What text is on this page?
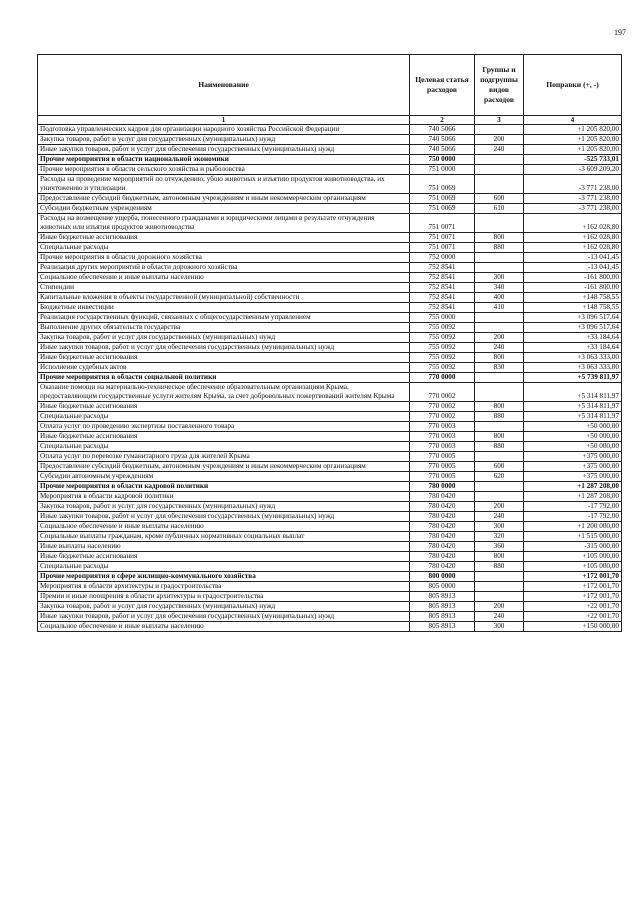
197
Наименование	Целевая статья расходов	Группы и подгруппы видов расходов	Поправки (+, -)
1	2	3	4
Подготовка управленческих кадров для организации народного хозяйства Российской Федерации	740 5066		+1 205 820,00
Закупка товаров, работ и услуг для государственных (муниципальных) нужд	740 5066	200	+1 205 820,00
Иные закупки товаров, работ и услуг для обеспечения государственных (муниципальных) нужд	740 5066	240	+1 205 820,00
Прочие мероприятия в области национальной экономики	750 0000		-525 733,01
Прочие мероприятия в области сельского хозяйства и рыболовства	751 0000		-3 609 209,20
Расходы на проведение мероприятий по отчуждению, убою животных и изъятию продуктов животноводства, их уничтожению и утилизации	751 0069		-3 771 238,00
Предоставление субсидий бюджетным, автономным учреждениям и иным некоммерческим организациям	751 0069	600	-3 771 238,00
Субсидии бюджетным учреждениям	751 0069	610	-3 771 238,00
Расходы на возмещение ущерба, понесенного гражданами и юридическими лицами в результате отчуждения животных или изъятия продуктов животноводства	751 0071		+162 028,80
Иные бюджетные ассигнования	751 0071	800	+162 028,80
Специальные расходы	751 0071	880	+162 028,80
Прочие мероприятия в области дорожного хозяйства	752 0000		-13 041,45
Реализация других мероприятий в области дорожного хозяйства	752 8541		-13 041,45
Социальное обеспечение и иные выплаты населению	752 8541	300	-161 800,00
Стипендии	752 8541	340	-161 800,00
Капитальные вложения в объекты государственной (муниципальной) собственности	752 8541	400	+148 758,55
Бюджетные инвестиции	752 8541	410	+148 758,55
Реализация государственных функций, связанных с общегосударственным управлением	755 0000		+3 096 517,64
Выполнение других обязательств государства	755 0092		+3 096 517,64
Закупка товаров, работ и услуг для государственных (муниципальных) нужд	755 0092	200	+33 184,64
Иные закупки товаров, работ и услуг для обеспечения государственных (муниципальных) нужд	755 0092	240	+33 184,64
Иные бюджетные ассигнования	755 0092	800	+3 063 333,00
Исполнение судебных актов	755 0092	830	+3 063 333,00
Прочие мероприятия в области социальной политики	770 0000		+5 739 811,97
Оказание помощи на материально-техническое обеспечение образовательным организациям Крыма, предоставляющим государственные услуги жителям Крыма, за счет добровольных пожертвований жителям Крыма	770 0002		+5 314 811,97
Иные бюджетные ассигнования	770 0002	800	+5 314 811,97
Специальные расходы	770 0002	880	+5 314 811,97
Оплата услуг по проведению экспертизы поставленного товара	770 0003		+50 000,00
Иные бюджетные ассигнования	770 0003	800	+50 000,00
Специальные расходы	770 0003	880	+50 000,00
Оплата услуг по перевозке гуманитарного груза для жителей Крыма	770 0005		+375 000,00
Предоставление субсидий бюджетным, автономным учреждениям и иным некоммерческим организациям	770 0005	600	+375 000,00
Субсидии автономным учреждениям	770 0005	620	+375 000,00
Прочие мероприятия в области кадровой политики	780 0000		+1 287 208,00
Мероприятия в области кадровой политики	780 0420		+1 287 208,00
Закупка товаров, работ и услуг для государственных (муниципальных) нужд	780 0420	200	-17 792,00
Иные закупки товаров, работ и услуг для обеспечения государственных (муниципальных) нужд	780 0420	240	-17 792,00
Социальное обеспечение и иные выплаты населению	780 0420	300	+1 200 000,00
Социальные выплаты гражданам, кроме публичных нормативных социальных выплат	780 0420	320	+1 515 000,00
Иные выплаты населению	780 0420	360	-315 000,00
Иные бюджетные ассигнования	780 0420	800	+105 000,00
Специальные расходы	780 0420	880	+105 000,00
Прочие мероприятия в сфере жилищно-коммунального хозяйства	800 0000		+172 001,70
Мероприятия в области архитектуры и градостроительства	805 0000		+172 001,70
Премии и иные поощрения в области архитектуры и градостроительства	805 8913		+172 001,70
Закупка товаров, работ и услуг для государственных (муниципальных) нужд	805 8913	200	+22 001,70
Иные закупки товаров, работ и услуг для обеспечения государственных (муниципальных) нужд	805 8913	240	+22 001,70
Социальное обеспечение и иные выплаты населению	805 8913	300	+150 000,00
